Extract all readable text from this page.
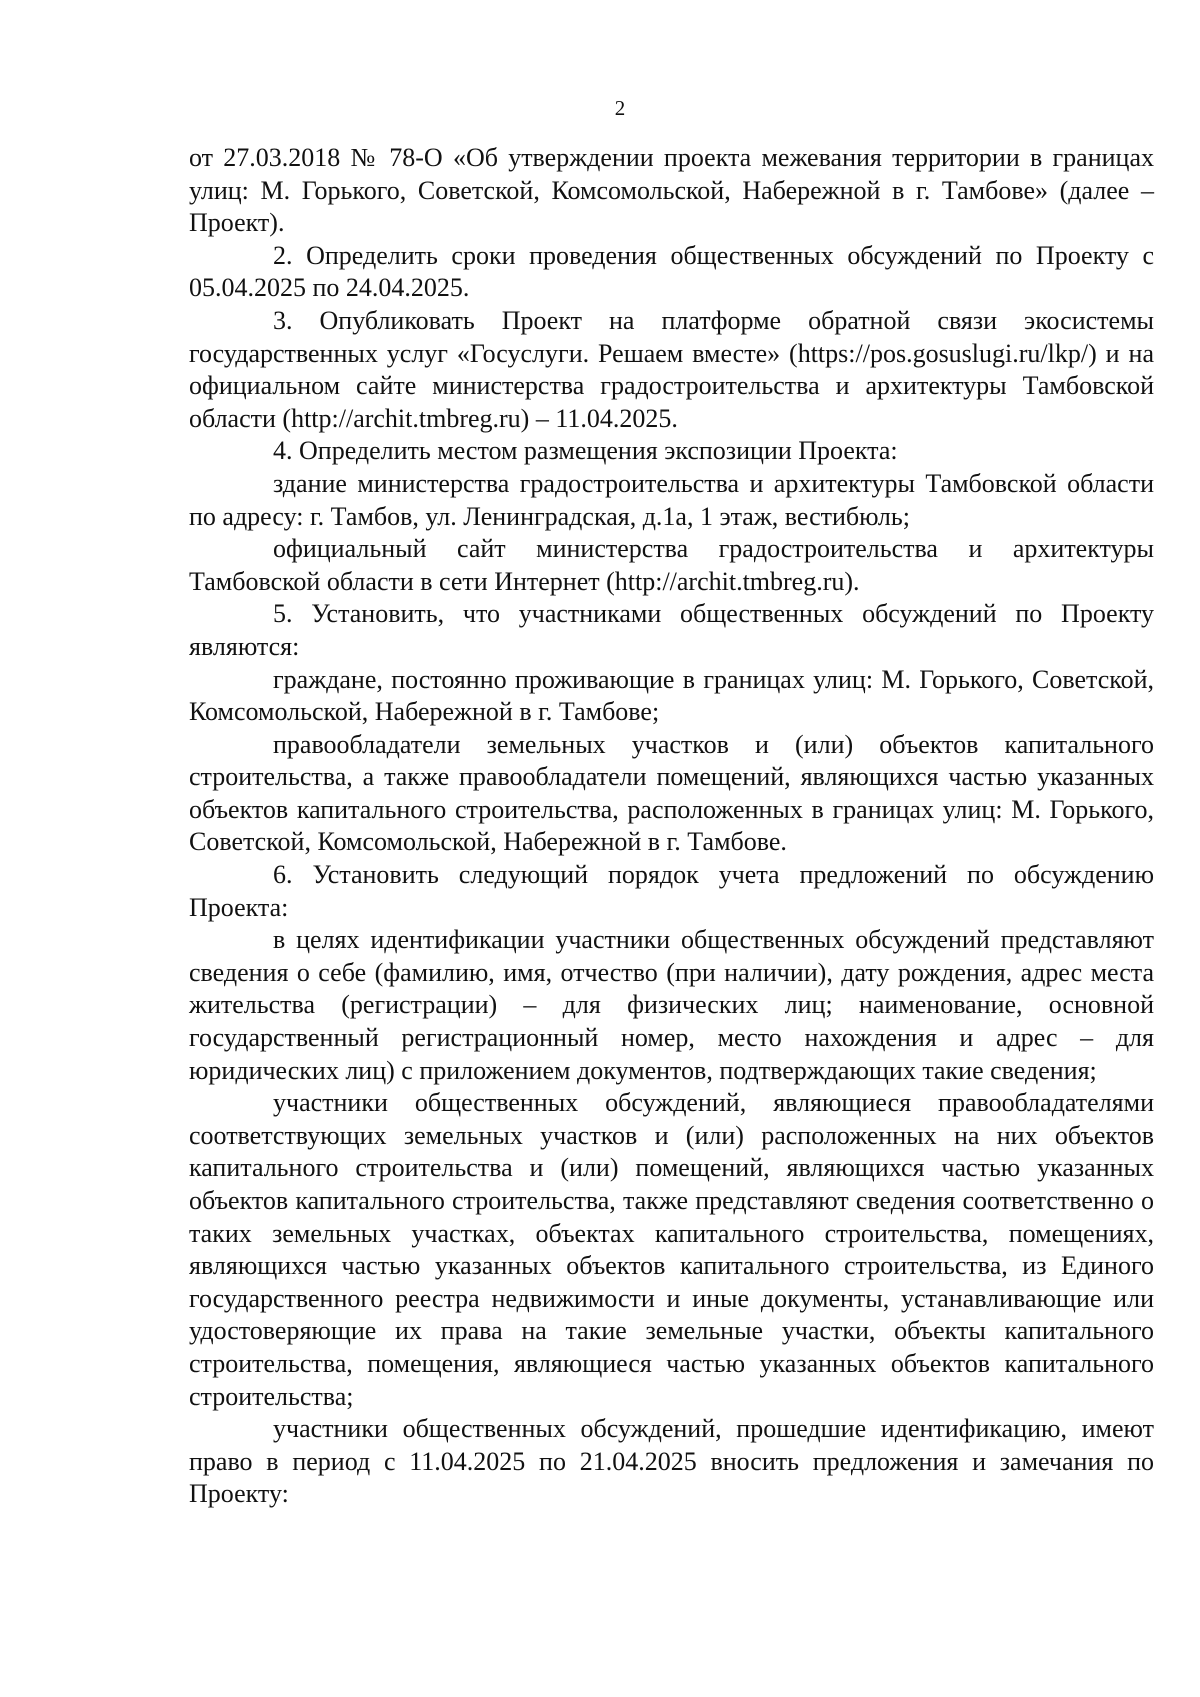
2

от 27.03.2018 № 78-О «Об утверждении проекта межевания территории в границах улиц: М. Горького, Советской, Комсомольской, Набережной в г. Тамбове» (далее – Проект).

2. Определить сроки проведения общественных обсуждений по Проекту с 05.04.2025 по 24.04.2025.

3. Опубликовать Проект на платформе обратной связи экосистемы государственных услуг «Госуслуги. Решаем вместе» (https://pos.gosuslugi.ru/lkp/) и на официальном сайте министерства градостроительства и архитектуры Тамбовской области (http://archit.tmbreg.ru) – 11.04.2025.

4. Определить местом размещения экспозиции Проекта:

здание министерства градостроительства и архитектуры Тамбовской области по адресу: г. Тамбов, ул. Ленинградская, д.1а, 1 этаж, вестибюль;

официальный сайт министерства градостроительства и архитектуры Тамбовской области в сети Интернет (http://archit.tmbreg.ru).

5. Установить, что участниками общественных обсуждений по Проекту являются:

граждане, постоянно проживающие в границах улиц: М. Горького, Советской, Комсомольской, Набережной в г. Тамбове;

правообладатели земельных участков и (или) объектов капитального строительства, а также правообладатели помещений, являющихся частью указанных объектов капитального строительства, расположенных в границах улиц: М. Горького, Советской, Комсомольской, Набережной в г. Тамбове.

6. Установить следующий порядок учета предложений по обсуждению Проекта:

в целях идентификации участники общественных обсуждений представляют сведения о себе (фамилию, имя, отчество (при наличии), дату рождения, адрес места жительства (регистрации) – для физических лиц; наименование, основной государственный регистрационный номер, место нахождения и адрес – для юридических лиц) с приложением документов, подтверждающих такие сведения;

участники общественных обсуждений, являющиеся правообладателями соответствующих земельных участков и (или) расположенных на них объектов капитального строительства и (или) помещений, являющихся частью указанных объектов капитального строительства, также представляют сведения соответственно о таких земельных участках, объектах капитального строительства, помещениях, являющихся частью указанных объектов капитального строительства, из Единого государственного реестра недвижимости и иные документы, устанавливающие или удостоверяющие их права на такие земельные участки, объекты капитального строительства, помещения, являющиеся частью указанных объектов капитального строительства;

участники общественных обсуждений, прошедшие идентификацию, имеют право в период с 11.04.2025 по 21.04.2025 вносить предложения и замечания по Проекту:
